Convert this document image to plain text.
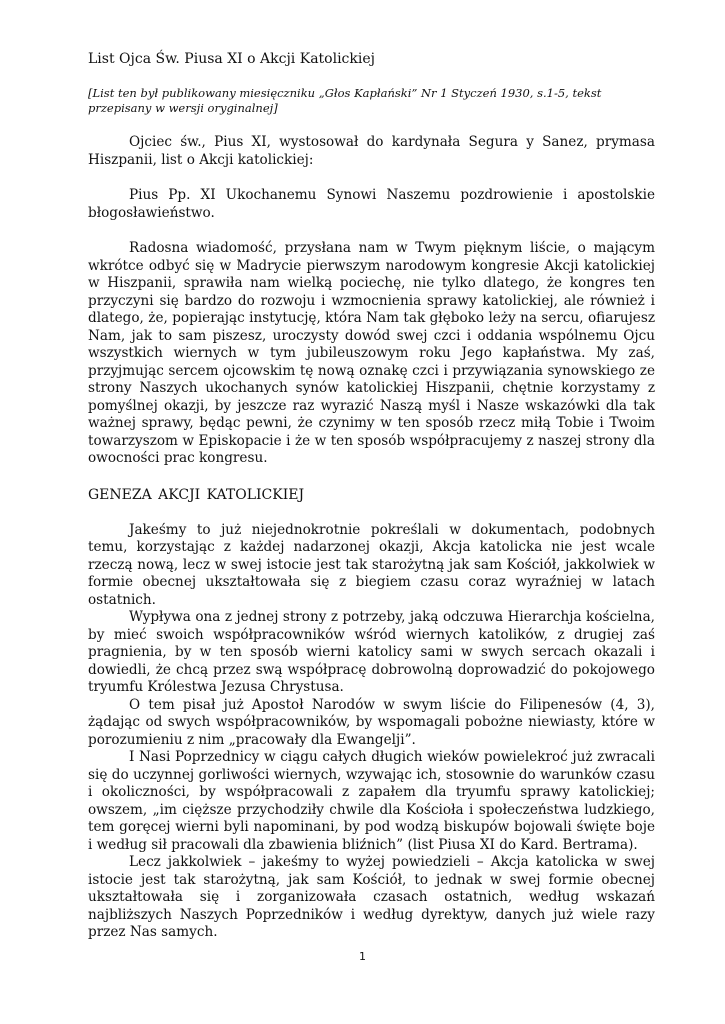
List Ojca Św. Piusa XI o Akcji Katolickiej

[List ten był publikowany miesięczniku „Głos Kapłański” Nr 1 Styczeń 1930, s.1-5, tekst przepisany w wersji oryginalnej]

Ojciec św., Pius XI, wystosował do kardynała Segura y Sanez, prymasa Hiszpanii, list o Akcji katolickiej:

Pius Pp. XI Ukochanemu Synowi Naszemu pozdrowienie i apostolskie błogosławieństwo.

Radosna wiadomość, przysłana nam w Twym pięknym liście, o mającym wkrótce odbyć się w Madrycie pierwszym narodowym kongresie Akcji katolickiej w Hiszpanii, sprawiła nam wielką pociechę, nie tylko dlatego, że kongres ten przyczyni się bardzo do rozwoju i wzmocnienia sprawy katolickiej, ale również i dlatego, że, popierając instytucję, która Nam tak głęboko leży na sercu, ofiarujesz Nam, jak to sam piszesz, uroczysty dowód swej czci i oddania wspólnemu Ojcu wszystkich wiernych w tym jubileuszowym roku Jego kapłaństwa. My zaś, przyjmując sercem ojcowskim tę nową oznakę czci i przywiązania synowskiego ze strony Naszych ukochanych synów katolickiej Hiszpanii, chętnie korzystamy z pomyślnej okazji, by jeszcze raz wyrazić Naszą myśl i Nasze wskazówki dla tak ważnej sprawy, będąc pewni, że czynimy w ten sposób rzecz miłą Tobie i Twoim towarzyszom w Episkopacie i że w ten sposób współpracujemy z naszej strony dla owocności prac kongresu.

GENEZA AKCJI KATOLICKIEJ

Jakeśmy to już niejednokrotnie pokreślali w dokumentach, podobnych temu, korzystając z każdej nadarzonej okazji, Akcja katolicka nie jest wcale rzeczą nową, lecz w swej istocie jest tak starożytną jak sam Kościół, jakkolwiek w formie obecnej ukształtowała się z biegiem czasu coraz wyraźniej w latach ostatnich.

Wypływa ona z jednej strony z potrzeby, jaką odczuwa Hierarchja kościelna, by mieć swoich współpracowników wśród wiernych katolików, z drugiej zaś pragnienia, by w ten sposób wierni katolicy sami w swych sercach okazali i dowiedli, że chcą przez swą współpracę dobrowolną doprowadzić do pokojowego tryumfu Królestwa Jezusa Chrystusa.

O tem pisał już Apostoł Narodów w swym liście do Filipenesów (4, 3), żądając od swych współpracowników, by wspomagali pobożne niewiasty, które w porozumieniu z nim „pracowały dla Ewangelji”.

I Nasi Poprzednicy w ciągu całych długich wieków powielekroć już zwracali się do uczynnej gorliwości wiernych, wzywając ich, stosownie do warunków czasu i okoliczności, by współpracowali z zapałem dla tryumfu sprawy katolickiej; owszem, „im cięższe przychodziły chwile dla Kościoła i społeczeństwa ludzkiego, tem goręcej wierni byli napominani, by pod wodzą biskupów bojowali święte boje i według sił pracowali dla zbawienia bliźnich” (list Piusa XI do Kard. Bertrama).

Lecz jakkolwiek – jakeśmy to wyżej powiedzieli – Akcja katolicka w swej istocie jest tak starożytną, jak sam Kościół, to jednak w swej formie obecnej ukształtowała się i zorganizowała czasach ostatnich, według wskazań najbliższych Naszych Poprzedników i według dyrektyw, danych już wiele razy przez Nas samych.

1
